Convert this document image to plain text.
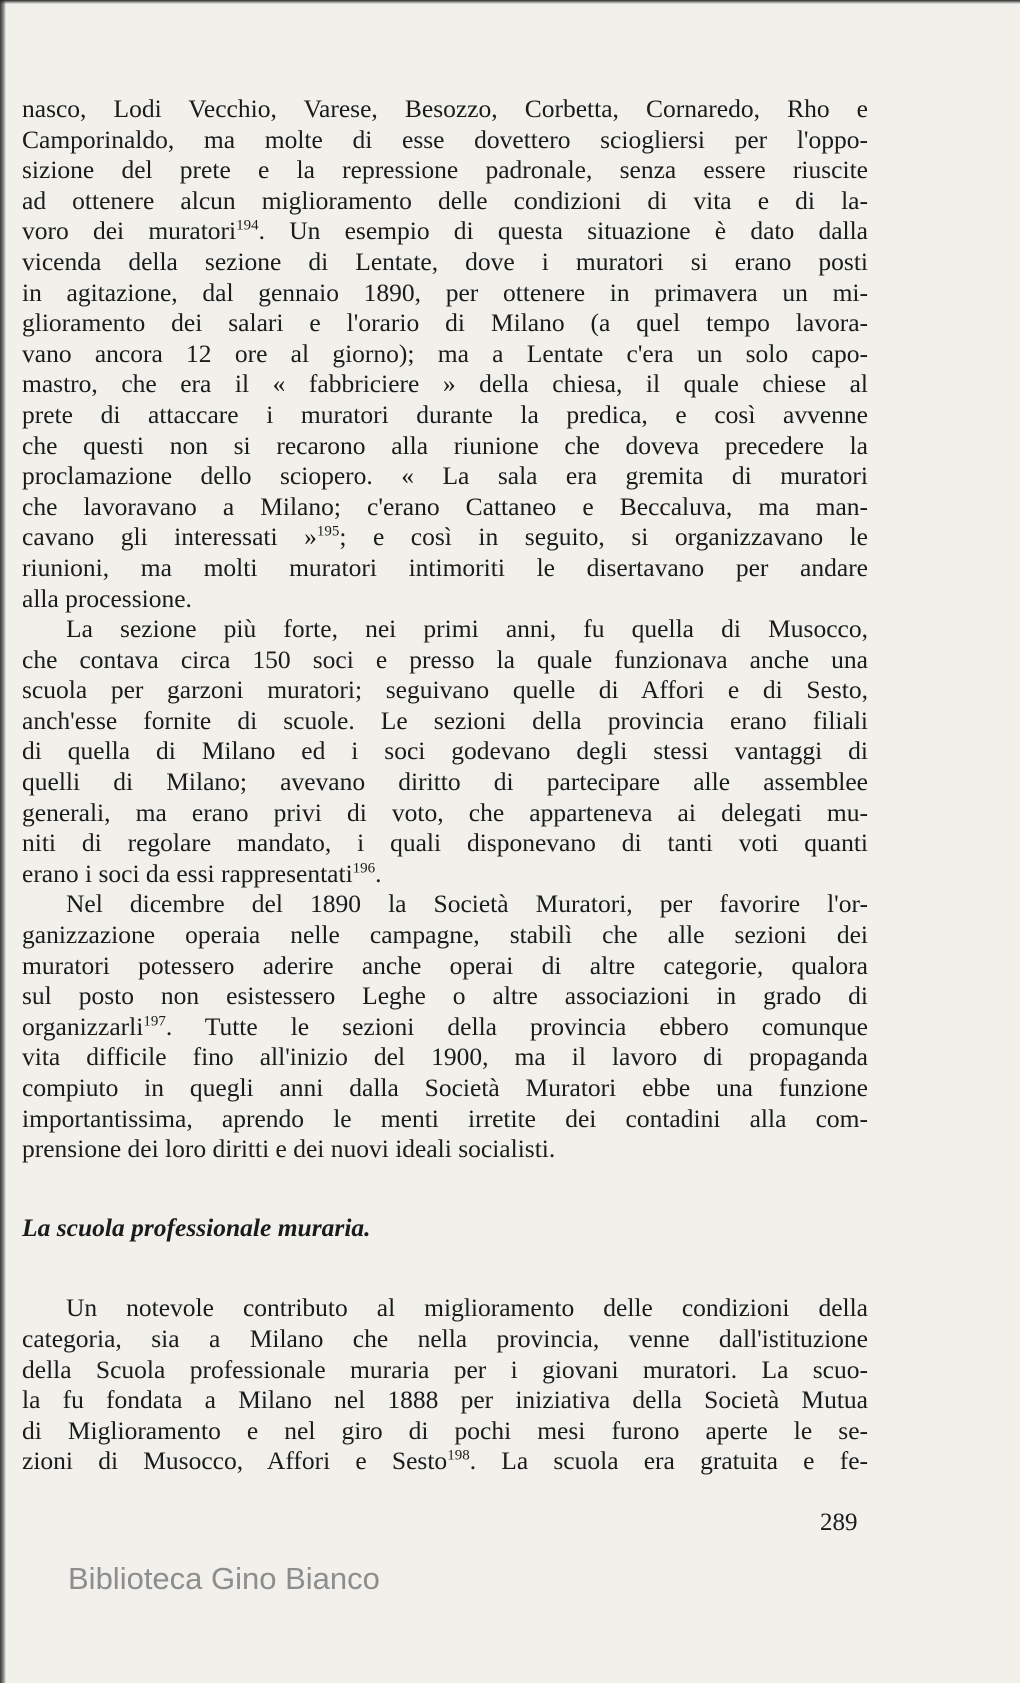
nasco, Lodi Vecchio, Varese, Besozzo, Corbetta, Cornaredo, Rho e
Camporinaldo, ma molte di esse dovettero sciogliersi per l'oppo-
sizione del prete e la repressione padronale, senza essere riuscite
ad ottenere alcun miglioramento delle condizioni di vita e di la-
voro dei muratori$^{194}$. Un esempio di questa situazione è dato dalla
vicenda della sezione di Lentate, dove i muratori si erano posti
in agitazione, dal gennaio 1890, per ottenere in primavera un mi-
glioramento dei salari e l'orario di Milano (a quel tempo lavora-
vano ancora 12 ore al giorno); ma a Lentate c'era un solo capo-
mastro, che era il « fabbriciere » della chiesa, il quale chiese al
prete di attaccare i muratori durante la predica, e così avvenne
che questi non si recarono alla riunione che doveva precedere la
proclamazione dello sciopero. « La sala era gremita di muratori
che lavoravano a Milano; c'erano Cattaneo e Beccaluva, ma man-
cavano gli interessati »$^{195}$; e così in seguito, si organizzavano le
riunioni, ma molti muratori intimoriti le disertavano per andare
alla processione.

La sezione più forte, nei primi anni, fu quella di Musocco,
che contava circa 150 soci e presso la quale funzionava anche una
scuola per garzoni muratori; seguivano quelle di Affori e di Sesto,
anch'esse fornite di scuole. Le sezioni della provincia erano filiali
di quella di Milano ed i soci godevano degli stessi vantaggi di
quelli di Milano; avevano diritto di partecipare alle assemblee
generali, ma erano privi di voto, che apparteneva ai delegati mu-
niti di regolare mandato, i quali disponevano di tanti voti quanti
erano i soci da essi rappresentati$^{196}$.

Nel dicembre del 1890 la Società Muratori, per favorire l'or-
ganizzazione operaia nelle campagne, stabilì che alle sezioni dei
muratori potessero aderire anche operai di altre categorie, qualora
sul posto non esistessero Leghe o altre associazioni in grado di
organizzarli$^{197}$. Tutte le sezioni della provincia ebbero comunque
vita difficile fino all'inizio del 1900, ma il lavoro di propaganda
compiuto in quegli anni dalla Società Muratori ebbe una funzione
importantissima, aprendo le menti irretite dei contadini alla com-
prensione dei loro diritti e dei nuovi ideali socialisti.

La scuola professionale muraria.

Un notevole contributo al miglioramento delle condizioni della
categoria, sia a Milano che nella provincia, venne dall'istituzione
della Scuola professionale muraria per i giovani muratori. La scuo-
la fu fondata a Milano nel 1888 per iniziativa della Società Mutua
di Miglioramento e nel giro di pochi mesi furono aperte le se-
zioni di Musocco, Affori e Sesto$^{198}$. La scuola era gratuita e fe-

289
Biblioteca Gino Bianco
